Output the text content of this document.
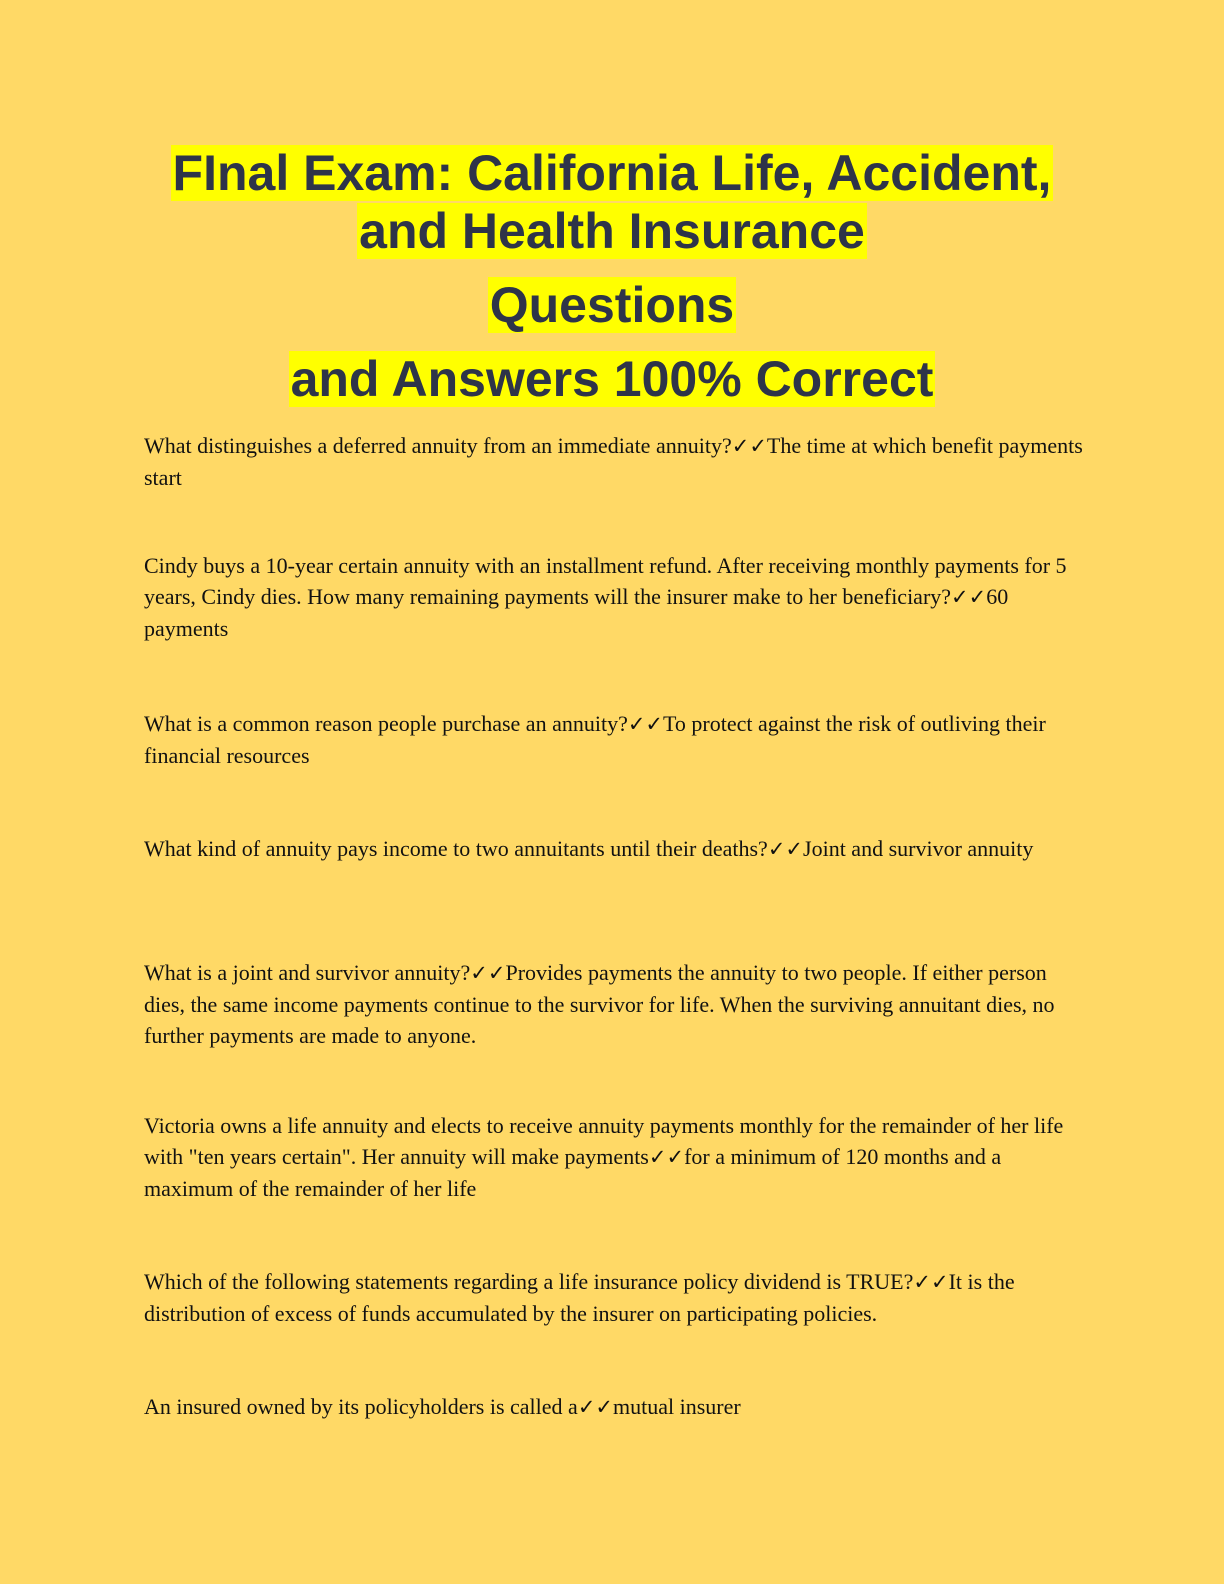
FInal Exam: California Life, Accident,
and Health Insurance
Questions
and Answers 100% Correct
What distinguishes a deferred annuity from an immediate annuity?✓✓The time at which benefit payments start
Cindy buys a 10-year certain annuity with an installment refund. After receiving monthly payments for 5 years, Cindy dies. How many remaining payments will the insurer make to her beneficiary?✓✓60 payments
What is a common reason people purchase an annuity?✓✓To protect against the risk of outliving their financial resources
What kind of annuity pays income to two annuitants until their deaths?✓✓Joint and survivor annuity
What is a joint and survivor annuity?✓✓Provides payments the annuity to two people. If either person dies, the same income payments continue to the survivor for life. When the surviving annuitant dies, no further payments are made to anyone.
Victoria owns a life annuity and elects to receive annuity payments monthly for the remainder of her life with "ten years certain". Her annuity will make payments✓✓for a minimum of 120 months and a maximum of the remainder of her life
Which of the following statements regarding a life insurance policy dividend is TRUE?✓✓It is the distribution of excess of funds accumulated by the insurer on participating policies.
An insured owned by its policyholders is called a✓✓mutual insurer
